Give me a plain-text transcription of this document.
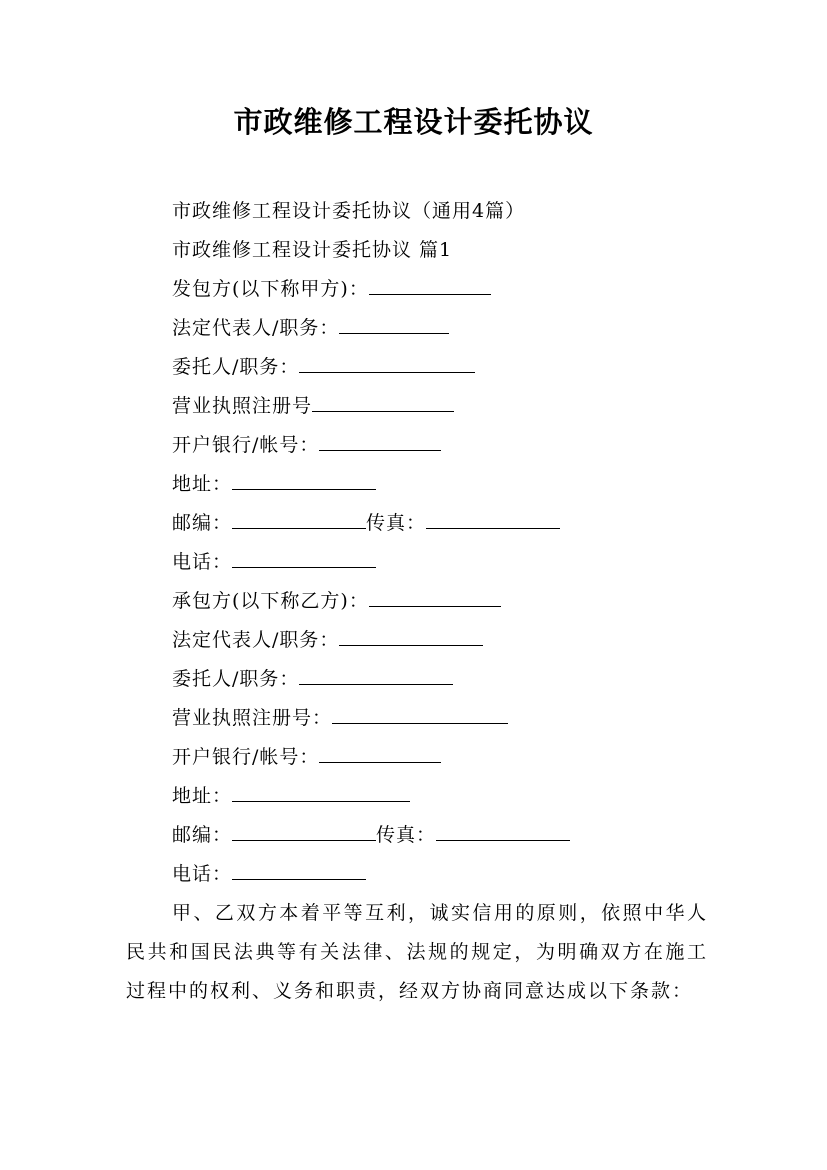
市政维修工程设计委托协议
市政维修工程设计委托协议（通用4篇）
市政维修工程设计委托协议 篇1
发包方(以下称甲方)：
法定代表人/职务：
委托人/职务：
营业执照注册号
开户银行/帐号：
地址：
邮编：	传真：
电话：
承包方(以下称乙方)：
法定代表人/职务：
委托人/职务：
营业执照注册号：
开户银行/帐号：
地址：
邮编：	传真：
电话：

甲、乙双方本着平等互利，诚实信用的原则，依照中华人民共和国民法典等有关法律、法规的规定，为明确双方在施工过程中的权利、义务和职责，经双方协商同意达成以下条款：
